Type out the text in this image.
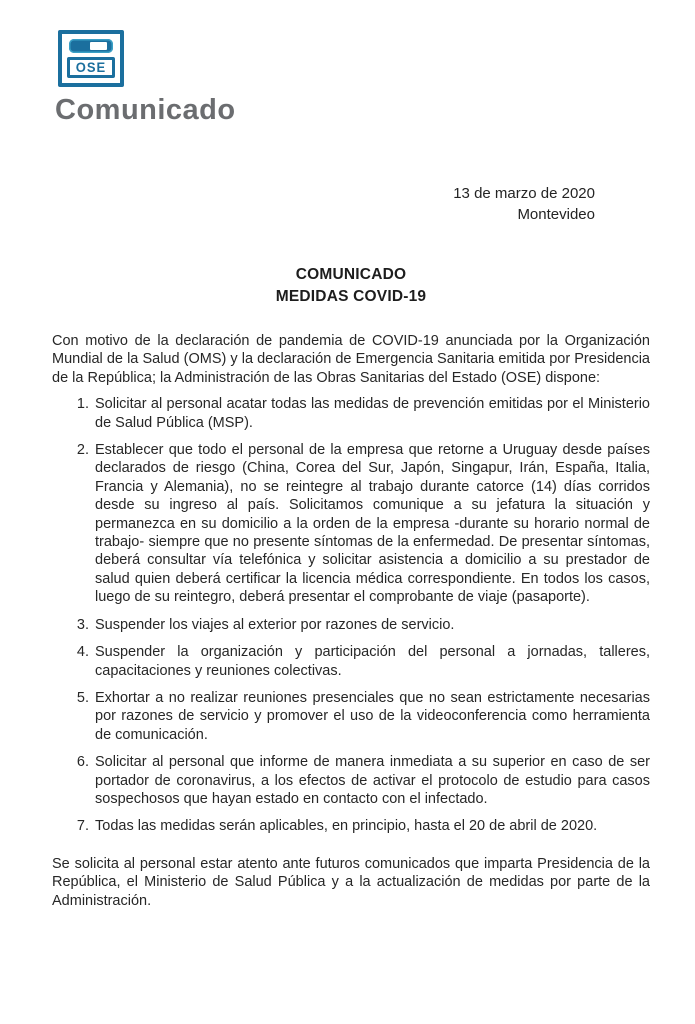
OSE
Comunicado
13 de marzo de 2020
Montevideo
COMUNICADO
MEDIDAS COVID-19

Con motivo de la declaración de pandemia de COVID-19 anunciada por la Organización Mundial de la Salud (OMS) y la declaración de Emergencia Sanitaria emitida por Presidencia de la República; la Administración de las Obras Sanitarias del Estado (OSE) dispone:

1. Solicitar al personal acatar todas las medidas de prevención emitidas por el Ministerio de Salud Pública (MSP).
2. Establecer que todo el personal de la empresa que retorne a Uruguay desde países declarados de riesgo (China, Corea del Sur, Japón, Singapur, Irán, España, Italia, Francia y Alemania), no se reintegre al trabajo durante catorce (14) días corridos desde su ingreso al país. Solicitamos comunique a su jefatura la situación y permanezca en su domicilio a la orden de la empresa -durante su horario normal de trabajo- siempre que no presente síntomas de la enfermedad. De presentar síntomas, deberá consultar vía telefónica y solicitar asistencia a domicilio a su prestador de salud quien deberá certificar la licencia médica correspondiente. En todos los casos, luego de su reintegro, deberá presentar el comprobante de viaje (pasaporte).
3. Suspender los viajes al exterior por razones de servicio.
4. Suspender la organización y participación del personal a jornadas, talleres, capacitaciones y reuniones colectivas.
5. Exhortar a no realizar reuniones presenciales que no sean estrictamente necesarias por razones de servicio y promover el uso de la videoconferencia como herramienta de comunicación.
6. Solicitar al personal que informe de manera inmediata a su superior en caso de ser portador de coronavirus, a los efectos de activar el protocolo de estudio para casos sospechosos que hayan estado en contacto con el infectado.
7. Todas las medidas serán aplicables, en principio, hasta el 20 de abril de 2020.

Se solicita al personal estar atento ante futuros comunicados que imparta Presidencia de la República, el Ministerio de Salud Pública y a la actualización de medidas por parte de la Administración.
